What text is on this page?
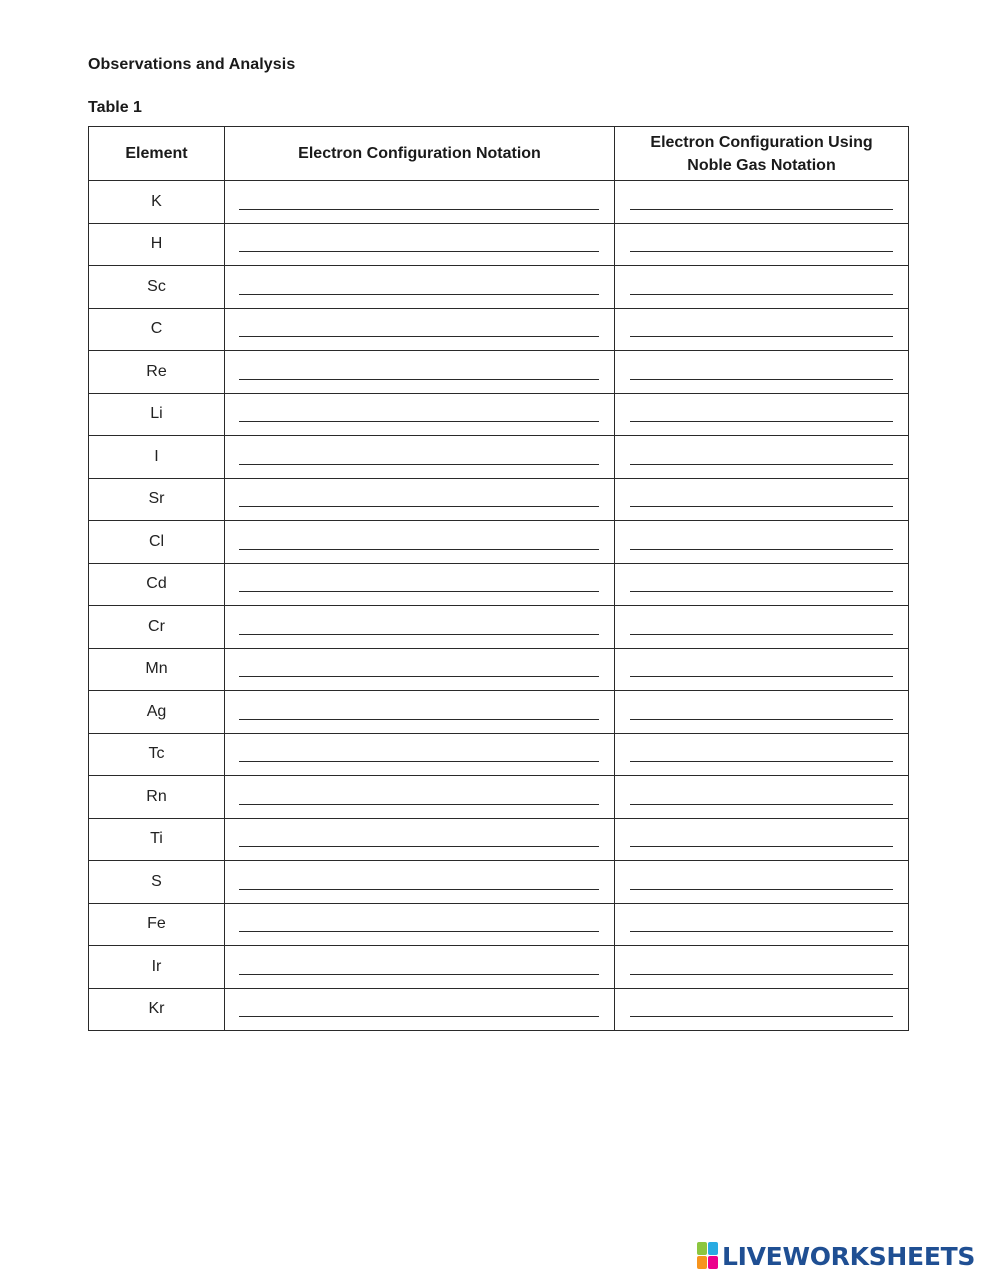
Observations and Analysis
Table 1
Element	Electron Configuration Notation	Electron Configuration Using Noble Gas Notation

K	

H	

Sc	

C	

Re	

Li	

I	

Sr	

Cl	

Cd	

Cr	

Mn	

Ag	

Tc	

Rn	

Ti	

S	

Fe	

Ir	

Kr	

LIVEWORKSHEETS
